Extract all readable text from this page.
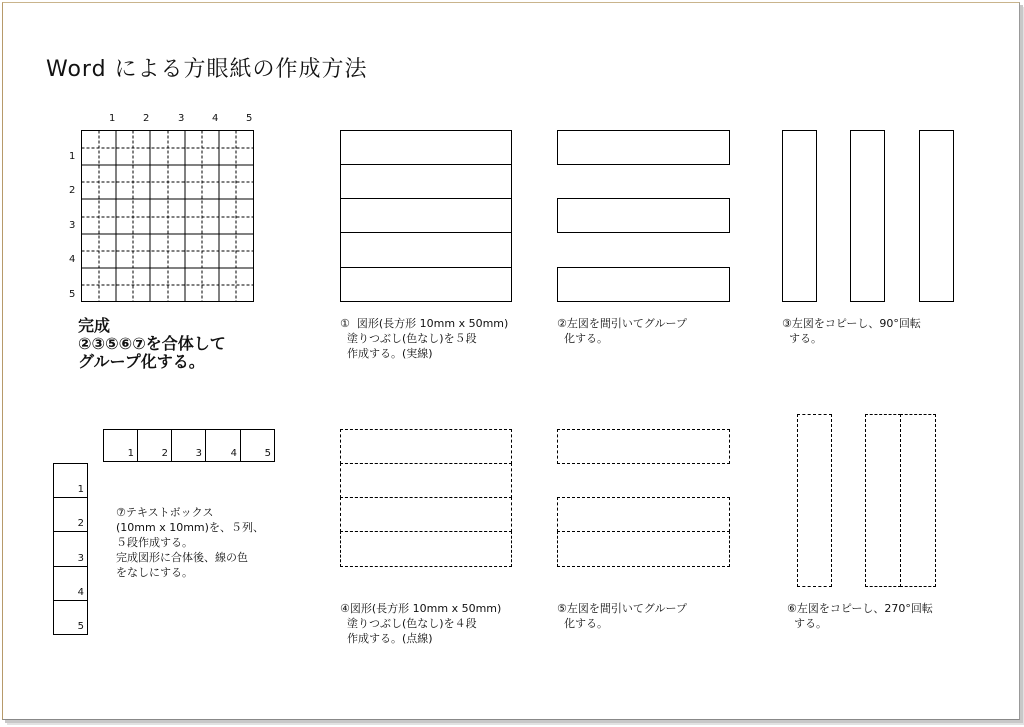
Word による方眼紙の作成方法
1	2	3	4	5
1
2
3
4
5
完成
②③⑤⑥⑦を合体して
グループ化する。
①  図形(長方形 10mm x 50mm)
塗りつぶし(色なし)を５段
作成する。(実線)
②左図を間引いてグループ
化する。
③左図をコピーし、90°回転
する。
1	2	3	4	5
1
2
3
4
5
⑦テキストボックス
(10mm x 10mm)を、５列、
５段作成する。
完成図形に合体後、線の色
をなしにする。
④図形(長方形 10mm x 50mm)
塗りつぶし(色なし)を４段
作成する。(点線)
⑤左図を間引いてグループ
化する。
⑥左図をコピーし、270°回転
する。
